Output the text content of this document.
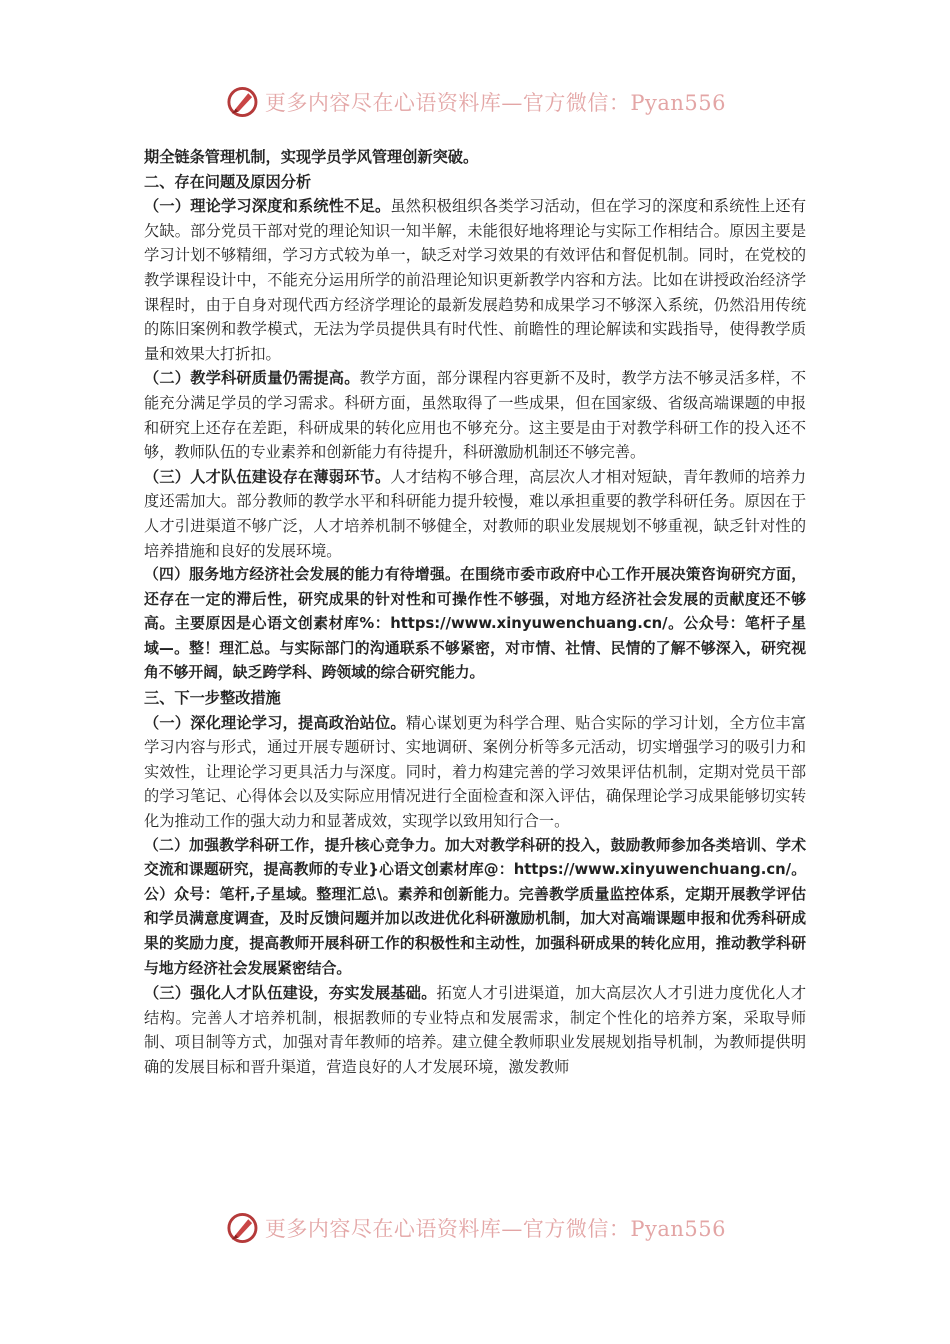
更多内容尽在心语资料库—官方微信：Pyan556

期全链条管理机制，实现学员学风管理创新突破。

二、存在问题及原因分析

（一）理论学习深度和系统性不足。虽然积极组织各类学习活动，但在学习的深度和系统性上还有欠缺。部分党员干部对党的理论知识一知半解，未能很好地将理论与实际工作相结合。原因主要是学习计划不够精细，学习方式较为单一，缺乏对学习效果的有效评估和督促机制。同时，在党校的教学课程设计中，不能充分运用所学的前沿理论知识更新教学内容和方法。比如在讲授政治经济学课程时，由于自身对现代西方经济学理论的最新发展趋势和成果学习不够深入系统，仍然沿用传统的陈旧案例和教学模式，无法为学员提供具有时代性、前瞻性的理论解读和实践指导，使得教学质量和效果大打折扣。

（二）教学科研质量仍需提高。教学方面，部分课程内容更新不及时，教学方法不够灵活多样，不能充分满足学员的学习需求。科研方面，虽然取得了一些成果，但在国家级、省级高端课题的申报和研究上还存在差距，科研成果的转化应用也不够充分。这主要是由于对教学科研工作的投入还不够，教师队伍的专业素养和创新能力有待提升，科研激励机制还不够完善。

（三）人才队伍建设存在薄弱环节。人才结构不够合理，高层次人才相对短缺，青年教师的培养力度还需加大。部分教师的教学水平和科研能力提升较慢，难以承担重要的教学科研任务。原因在于人才引进渠道不够广泛，人才培养机制不够健全，对教师的职业发展规划不够重视，缺乏针对性的培养措施和良好的发展环境。

（四）服务地方经济社会发展的能力有待增强。在围绕市委市政府中心工作开展决策咨询研究方面，还存在一定的滞后性，研究成果的针对性和可操作性不够强，对地方经济社会发展的贡献度还不够高。主要原因是心语文创素材库%：https://www.xinyuwenchuang.cn/。公众号：笔杆子星域—。整！理汇总。与实际部门的沟通联系不够紧密，对市情、社情、民情的了解不够深入，研究视角不够开阔，缺乏跨学科、跨领域的综合研究能力。

三、下一步整改措施

（一）深化理论学习，提高政治站位。精心谋划更为科学合理、贴合实际的学习计划，全方位丰富学习内容与形式，通过开展专题研讨、实地调研、案例分析等多元活动，切实增强学习的吸引力和实效性，让理论学习更具活力与深度。同时，着力构建完善的学习效果评估机制，定期对党员干部的学习笔记、心得体会以及实际应用情况进行全面检查和深入评估，确保理论学习成果能够切实转化为推动工作的强大动力和显著成效，实现学以致用知行合一。

（二）加强教学科研工作，提升核心竞争力。加大对教学科研的投入，鼓励教师参加各类培训、学术交流和课题研究，提高教师的专业}心语文创素材库@：https://www.xinyuwenchuang.cn/。公）众号：笔杆,子星域。整理汇总\。素养和创新能力。完善教学质量监控体系，定期开展教学评估和学员满意度调查，及时反馈问题并加以改进优化科研激励机制，加大对高端课题申报和优秀科研成果的奖励力度，提高教师开展科研工作的积极性和主动性，加强科研成果的转化应用，推动教学科研与地方经济社会发展紧密结合。

（三）强化人才队伍建设，夯实发展基础。拓宽人才引进渠道，加大高层次人才引进力度优化人才结构。完善人才培养机制，根据教师的专业特点和发展需求，制定个性化的培养方案，采取导师制、项目制等方式，加强对青年教师的培养。建立健全教师职业发展规划指导机制，为教师提供明确的发展目标和晋升渠道，营造良好的人才发展环境，激发教师

更多内容尽在心语资料库—官方微信：Pyan556
